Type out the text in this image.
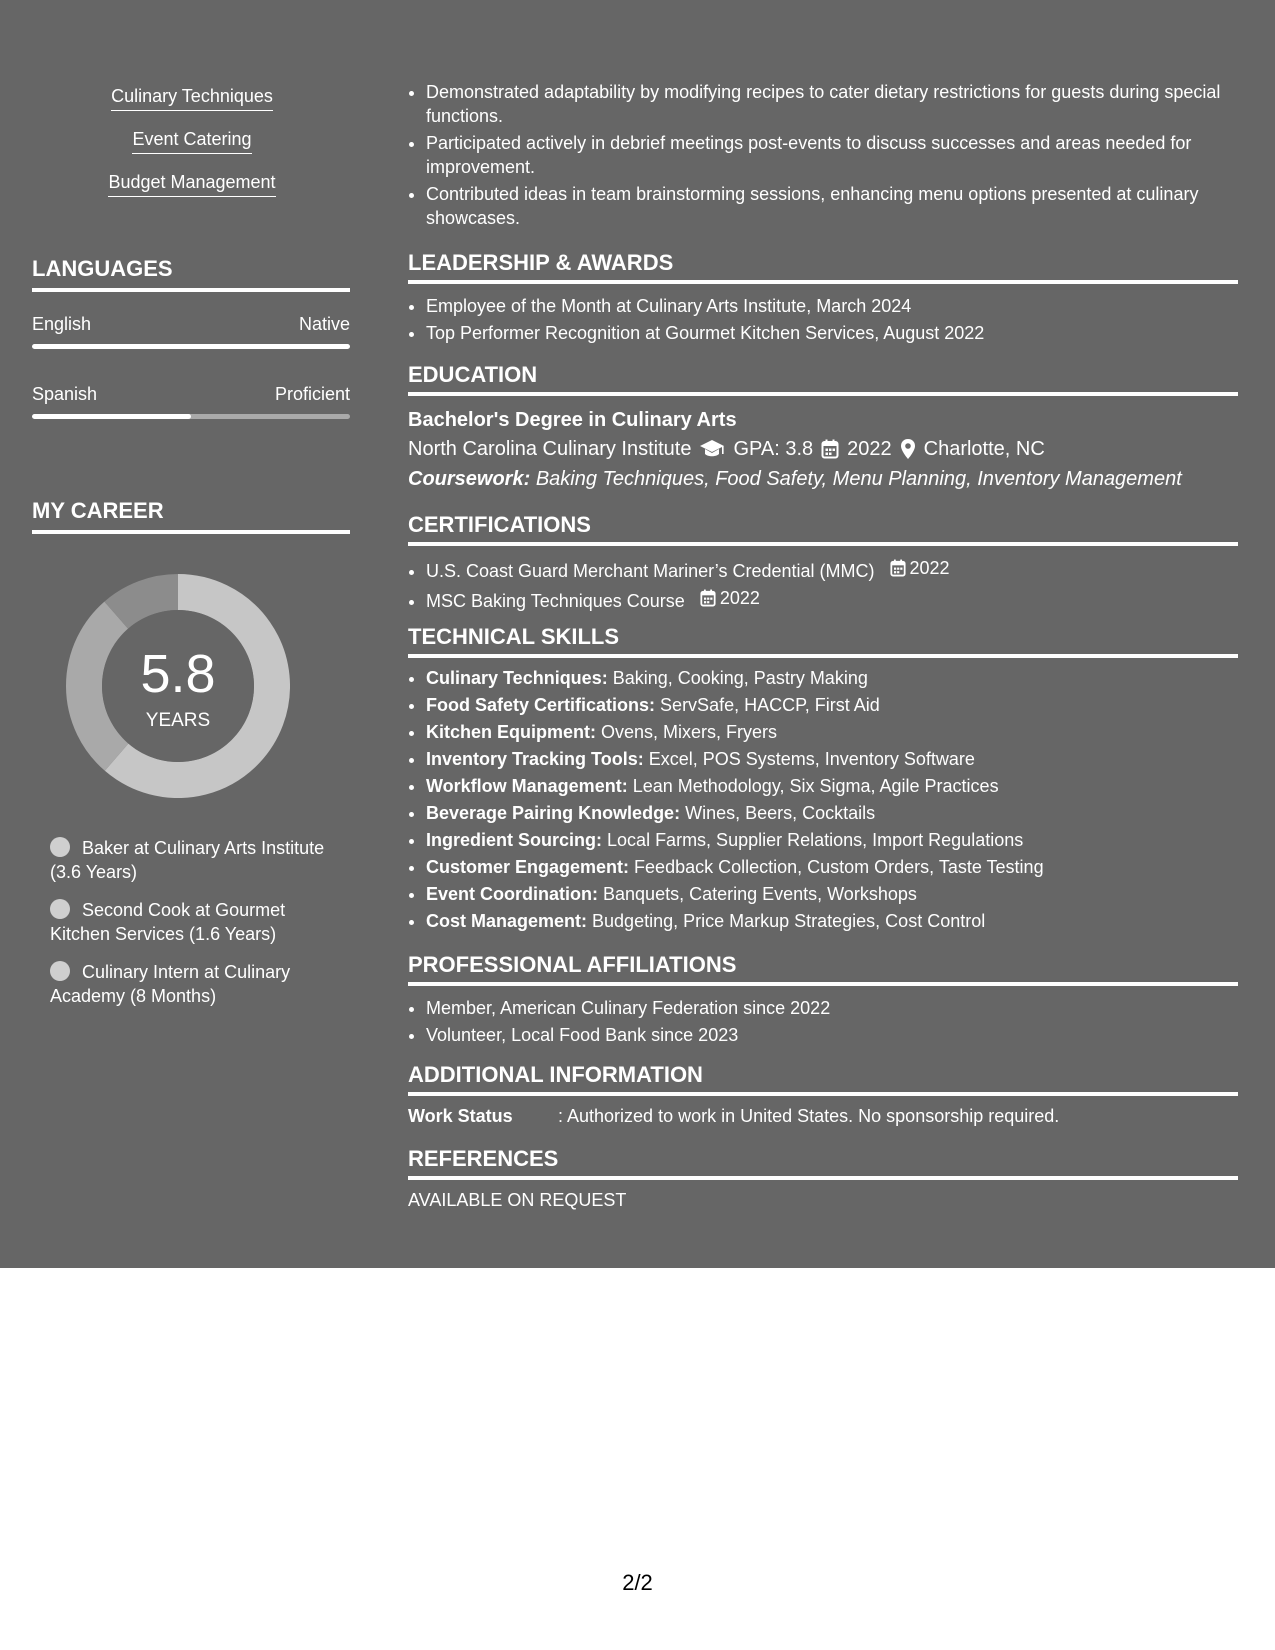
Culinary Techniques
Event Catering
Budget Management
LANGUAGES
English	Native
Spanish	Proficient
MY CAREER
5.8
YEARS
Baker at Culinary Arts Institute (3.6 Years)
Second Cook at Gourmet Kitchen Services (1.6 Years)
Culinary Intern at Culinary Academy (8 Months)
• Demonstrated adaptability by modifying recipes to cater dietary restrictions for guests during special functions.
• Participated actively in debrief meetings post-events to discuss successes and areas needed for improvement.
• Contributed ideas in team brainstorming sessions, enhancing menu options presented at culinary showcases.
LEADERSHIP & AWARDS
• Employee of the Month at Culinary Arts Institute, March 2024
• Top Performer Recognition at Gourmet Kitchen Services, August 2022
EDUCATION
Bachelor's Degree in Culinary Arts
North Carolina Culinary Institute GPA: 3.8 2022 Charlotte, NC
Coursework: Baking Techniques, Food Safety, Menu Planning, Inventory Management
CERTIFICATIONS
• U.S. Coast Guard Merchant Mariner’s Credential (MMC) 2022
• MSC Baking Techniques Course 2022
TECHNICAL SKILLS
• Culinary Techniques: Baking, Cooking, Pastry Making
• Food Safety Certifications: ServSafe, HACCP, First Aid
• Kitchen Equipment: Ovens, Mixers, Fryers
• Inventory Tracking Tools: Excel, POS Systems, Inventory Software
• Workflow Management: Lean Methodology, Six Sigma, Agile Practices
• Beverage Pairing Knowledge: Wines, Beers, Cocktails
• Ingredient Sourcing: Local Farms, Supplier Relations, Import Regulations
• Customer Engagement: Feedback Collection, Custom Orders, Taste Testing
• Event Coordination: Banquets, Catering Events, Workshops
• Cost Management: Budgeting, Price Markup Strategies, Cost Control
PROFESSIONAL AFFILIATIONS
• Member, American Culinary Federation since 2022
• Volunteer, Local Food Bank since 2023
ADDITIONAL INFORMATION
Work Status	: Authorized to work in United States. No sponsorship required.
REFERENCES
AVAILABLE ON REQUEST
2/2
